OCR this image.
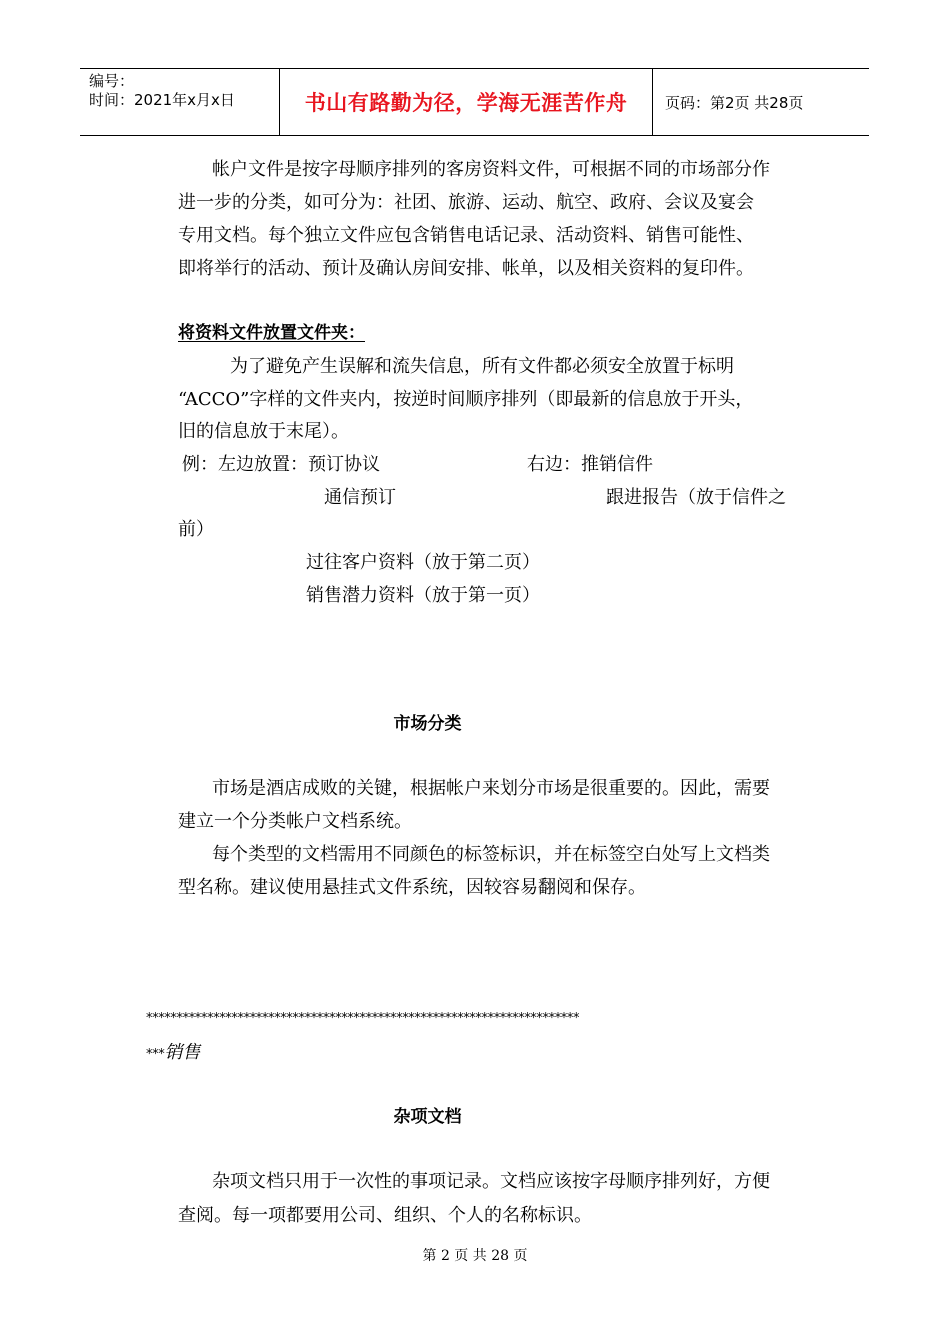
编号：
时间：2021年x月x日	书山有路勤为径，学海无涯苦作舟	页码：第2页 共28页
帐户文件是按字母顺序排列的客房资料文件，可根据不同的市场部分作
进一步的分类，如可分为：社团、旅游、运动、航空、政府、会议及宴会
专用文档。每个独立文件应包含销售电话记录、活动资料、销售可能性、
即将举行的活动、预计及确认房间安排、帐单，以及相关资料的复印件。
将资料文件放置文件夹：
为了避免产生误解和流失信息，所有文件都必须安全放置于标明
“ACCO”字样的文件夹内，按逆时间顺序排列（即最新的信息放于开头，
旧的信息放于末尾）。
例：左边放置：预订协议	右边：推销信件
通信预订	跟进报告（放于信件之
前）
过往客户资料（放于第二页）
销售潜力资料（放于第一页）
市场分类
市场是酒店成败的关键，根据帐户来划分市场是很重要的。因此，需要
建立一个分类帐户文档系统。
每个类型的文档需用不同颜色的标签标识，并在标签空白处写上文档类
型名称。建议使用悬挂式文件系统，因较容易翻阅和保存。
***********************************************************************
***销售
杂项文档
杂项文档只用于一次性的事项记录。文档应该按字母顺序排列好，方便
查阅。每一项都要用公司、组织、个人的名称标识。
第 2 页 共 28 页
